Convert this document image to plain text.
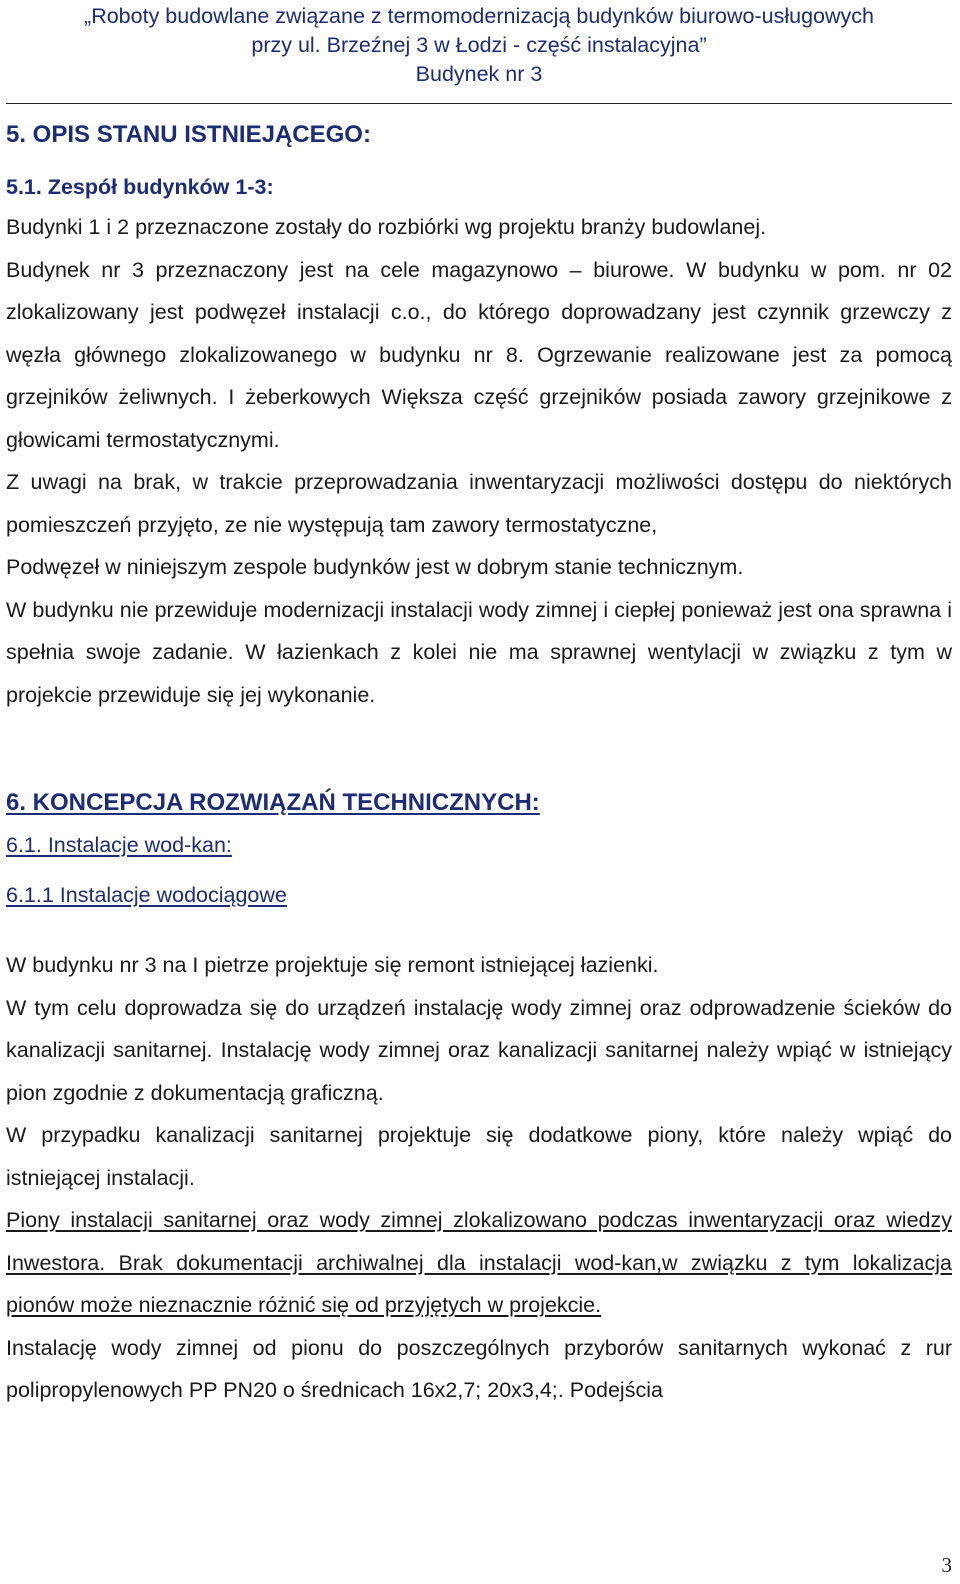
„Roboty budowlane związane z termomodernizacją budynków biurowo-usługowych
przy ul. Brzeźnej 3 w Łodzi - część instalacyjna”
Budynek nr 3
5. OPIS STANU ISTNIEJĄCEGO:
5.1. Zespół budynków 1-3:

Budynki 1 i 2 przeznaczone zostały do rozbiórki wg projektu branży budowlanej.

Budynek nr 3 przeznaczony jest na cele magazynowo – biurowe. W budynku w pom. nr 02 zlokalizowany jest podwęzeł instalacji c.o., do którego doprowadzany jest czynnik grzewczy z węzła głównego zlokalizowanego w budynku nr 8. Ogrzewanie realizowane jest za pomocą grzejników żeliwnych. I żeberkowych Większa część grzejników posiada zawory grzejnikowe z głowicami termostatycznymi.

Z uwagi na brak, w trakcie przeprowadzania inwentaryzacji możliwości dostępu do niektórych pomieszczeń przyjęto, ze nie występują tam zawory termostatyczne,

Podwęzeł w niniejszym zespole budynków jest w dobrym stanie technicznym.

W budynku nie przewiduje modernizacji instalacji wody zimnej i ciepłej ponieważ jest ona sprawna i spełnia swoje zadanie. W łazienkach z kolei nie ma sprawnej wentylacji w związku z tym w projekcie przewiduje się jej wykonanie.

6. KONCEPCJA ROZWIĄZAŃ TECHNICZNYCH:
6.1. Instalacje wod-kan:
6.1.1 Instalacje wodociągowe

W budynku nr 3 na I pietrze projektuje się remont istniejącej łazienki.

W tym celu doprowadza się do urządzeń instalację wody zimnej oraz odprowadzenie ścieków do kanalizacji sanitarnej. Instalację wody zimnej oraz kanalizacji sanitarnej należy wpiąć w istniejący pion zgodnie z dokumentacją graficzną.

W przypadku kanalizacji sanitarnej projektuje się dodatkowe piony, które należy wpiąć do istniejącej instalacji.

Piony instalacji sanitarnej oraz wody zimnej zlokalizowano podczas inwentaryzacji oraz wiedzy Inwestora. Brak dokumentacji archiwalnej dla instalacji wod-kan,w związku z tym lokalizacja pionów może nieznacznie różnić się od przyjętych w projekcie.

Instalację wody zimnej od pionu do poszczególnych przyborów sanitarnych wykonać z rur polipropylenowych PP PN20 o średnicach 16x2,7; 20x3,4;. Podejścia

3
